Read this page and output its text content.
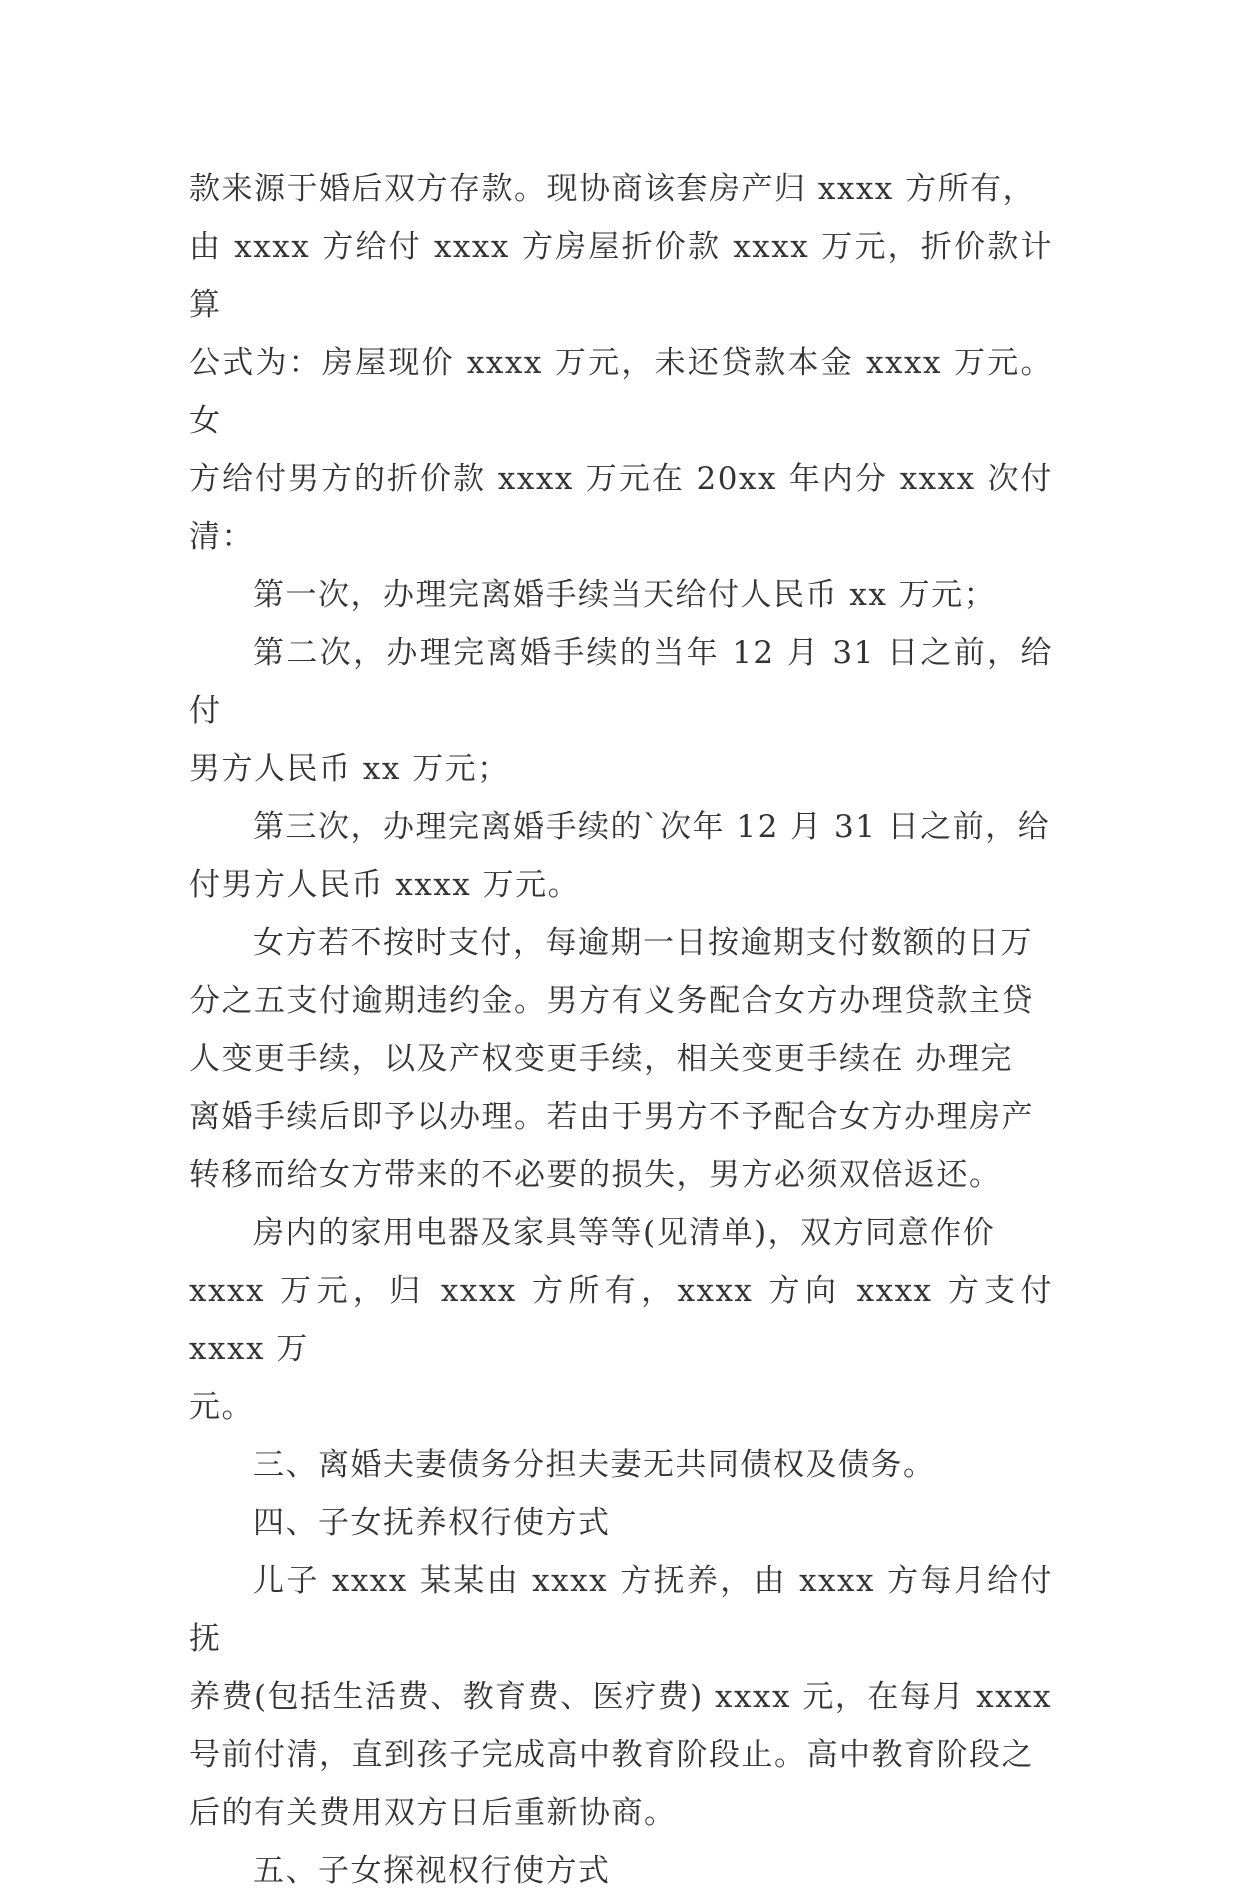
款来源于婚后双方存款。现协商该套房产归 xxxx 方所有，
由 xxxx 方给付 xxxx 方房屋折价款 xxxx 万元，折价款计算
公式为：房屋现价 xxxx 万元，未还贷款本金 xxxx 万元。女
方给付男方的折价款 xxxx 万元在 20xx 年内分 xxxx 次付清：
第一次，办理完离婚手续当天给付人民币 xx 万元；
第二次，办理完离婚手续的当年 12 月 31 日之前，给付
男方人民币 xx 万元；
第三次，办理完离婚手续的`次年 12 月 31 日之前，给
付男方人民币 xxxx 万元。
女方若不按时支付，每逾期一日按逾期支付数额的日万
分之五支付逾期违约金。男方有义务配合女方办理贷款主贷
人变更手续，以及产权变更手续，相关变更手续在 办理完
离婚手续后即予以办理。若由于男方不予配合女方办理房产
转移而给女方带来的不必要的损失，男方必须双倍返还。
房内的家用电器及家具等等(见清单)，双方同意作价
xxxx 万元，归 xxxx 方所有，xxxx 方向 xxxx 方支付 xxxx 万
元。
三、离婚夫妻债务分担夫妻无共同债权及债务。
四、子女抚养权行使方式
儿子 xxxx 某某由 xxxx 方抚养，由 xxxx 方每月给付抚
养费(包括生活费、教育费、医疗费) xxxx 元，在每月 xxxx
号前付清，直到孩子完成高中教育阶段止。高中教育阶段之
后的有关费用双方日后重新协商。
五、子女探视权行使方式
